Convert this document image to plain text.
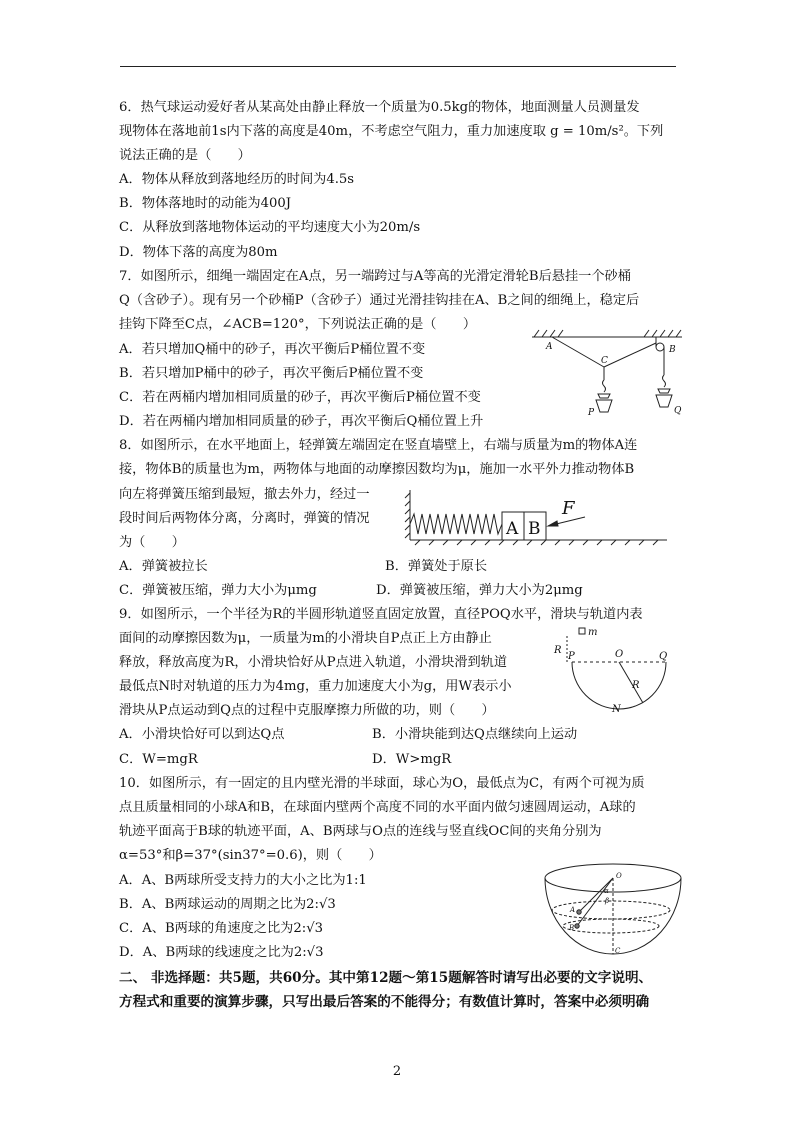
6．热气球运动爱好者从某高处由静止释放一个质量为0.5kg的物体，地面测量人员测量发
现物体在落地前1s内下落的高度是40m，不考虑空气阻力，重力加速度取 g = 10m/s²。下列
说法正确的是（　　）
A．物体从释放到落地经历的时间为4.5s
B．物体落地时的动能为400J
C．从释放到落地物体运动的平均速度大小为20m/s
D．物体下落的高度为80m
7．如图所示，细绳一端固定在A点，另一端跨过与A等高的光滑定滑轮B后悬挂一个砂桶
Q（含砂子）。现有另一个砂桶P（含砂子）通过光滑挂钩挂在A、B之间的细绳上，稳定后
挂钩下降至C点，∠ACB=120°，下列说法正确的是（　　）
A．若只增加Q桶中的砂子，再次平衡后P桶位置不变
B．若只增加P桶中的砂子，再次平衡后P桶位置不变
C．若在两桶内增加相同质量的砂子，再次平衡后P桶位置不变
D．若在两桶内增加相同质量的砂子，再次平衡后Q桶位置上升
8．如图所示，在水平地面上，轻弹簧左端固定在竖直墙壁上，右端与质量为m的物体A连
接，物体B的质量也为m，两物体与地面的动摩擦因数均为μ，施加一水平外力推动物体B
向左将弹簧压缩到最短，撤去外力，经过一
段时间后两物体分离，分离时，弹簧的情况
为（　　）
A．弹簧被拉长	B．弹簧处于原长
C．弹簧被压缩，弹力大小为μmg	D．弹簧被压缩，弹力大小为2μmg
9．如图所示，一个半径为R的半圆形轨道竖直固定放置，直径POQ水平，滑块与轨道内表
面间的动摩擦因数为μ，一质量为m的小滑块自P点正上方由静止
释放，释放高度为R，小滑块恰好从P点进入轨道，小滑块滑到轨道
最低点N时对轨道的压力为4mg，重力加速度大小为g，用W表示小
滑块从P点运动到Q点的过程中克服摩擦力所做的功，则（　　）
A．小滑块恰好可以到达Q点	B．小滑块能到达Q点继续向上运动
C．W=mgR	D．W>mgR
10．如图所示，有一固定的且内壁光滑的半球面，球心为O，最低点为C，有两个可视为质
点且质量相同的小球A和B，在球面内壁两个高度不同的水平面内做匀速圆周运动，A球的
轨迹平面高于B球的轨迹平面，A、B两球与O点的连线与竖直线OC间的夹角分别为
α=53°和β=37°(sin37°=0.6)，则（　　）
A．A、B两球所受支持力的大小之比为1:1
B．A、B两球运动的周期之比为2:√3
C．A、B两球的角速度之比为2:√3
D．A、B两球的线速度之比为2:√3
二、 非选择题：共5题，共60分。其中第12题～第15题解答时请写出必要的文字说明、
方程式和重要的演算步骤，只写出最后答案的不能得分；有数值计算时，答案中必须明确
A	B
C
P	Q
A B
F
m
R
P	O	Q
R
N
O
A
B
C
α
β
2
